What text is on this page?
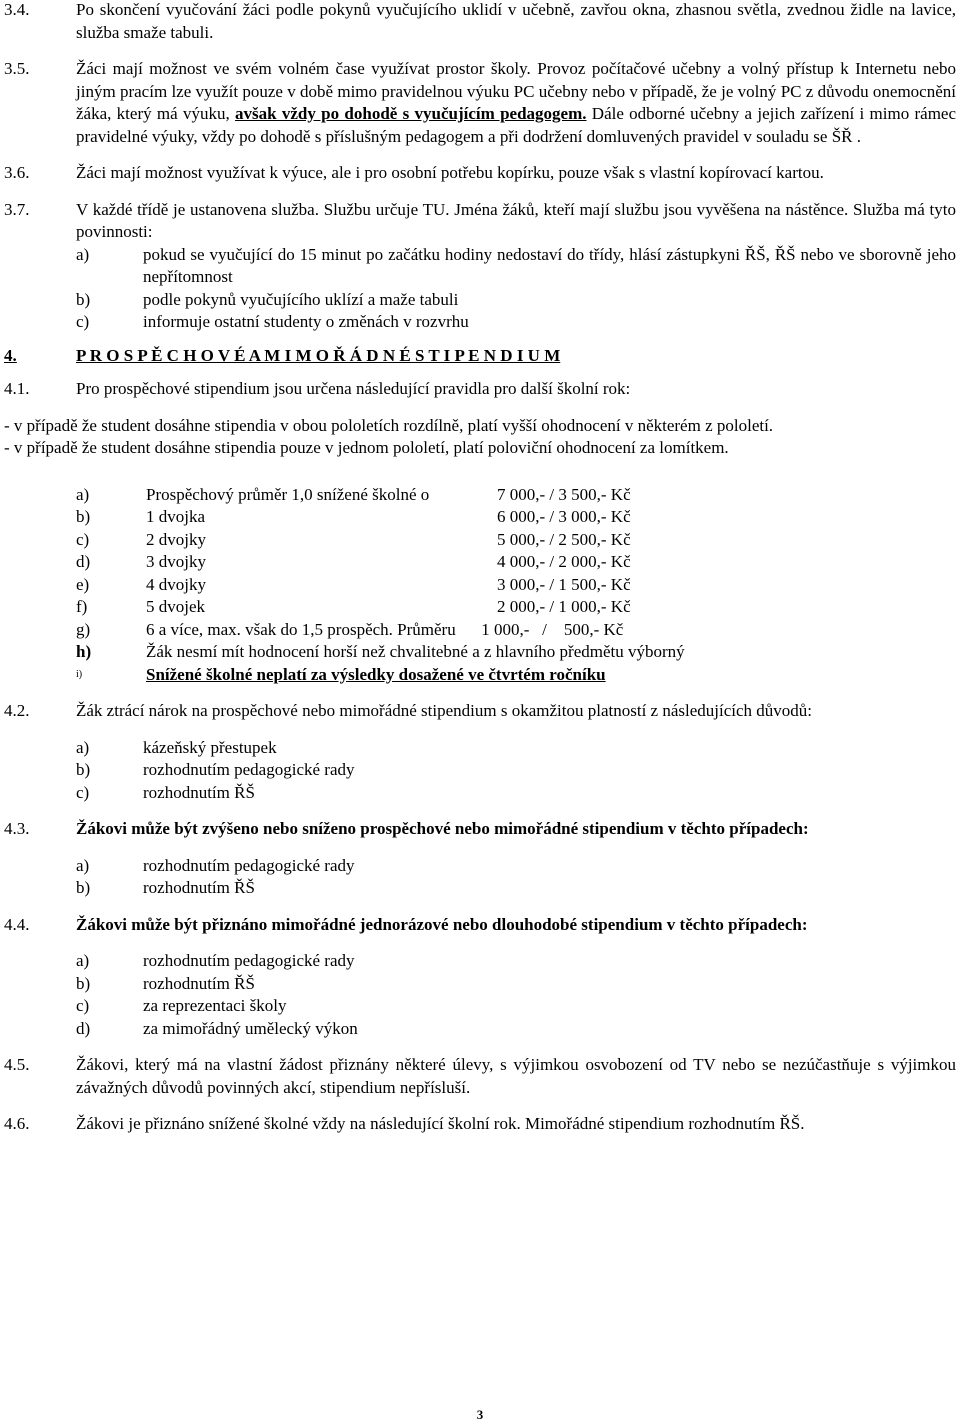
3.4.	Po skončení vyučování žáci podle pokynů vyučujícího uklidí v učebně, zavřou okna, zhasnou světla, zvednou židle na lavice, služba smaže tabuli.
3.5.	Žáci mají možnost ve svém volném čase využívat prostor školy. Provoz počítačové učebny a volný přístup k Internetu nebo jiným pracím lze využít pouze v době mimo pravidelnou výuku PC učebny nebo v případě, že je volný PC z důvodu onemocnění žáka, který má výuku, avšak vždy po dohodě s vyučujícím pedagogem. Dále odborné učebny a jejich zařízení i mimo rámec pravidelné výuky, vždy po dohodě s příslušným pedagogem a při dodržení domluvených pravidel v souladu se ŠŘ .
3.6.	Žáci mají možnost využívat k výuce, ale i pro osobní potřebu kopírku, pouze však s vlastní kopírovací kartou.
3.7.	V každé třídě je ustanovena služba. Službu určuje TU. Jména žáků, kteří mají službu jsou vyvěšena na nástěnce. Služba má tyto povinnosti:
a)	pokud se vyučující do 15 minut po začátku hodiny nedostaví do třídy, hlásí zástupkyni ŘŠ, ŘŠ nebo ve sborovně jeho nepřítomnost
b)	podle pokynů vyučujícího uklízí a maže tabuli
c)	informuje ostatní studenty o změnách v rozvrhu
4.	P R O S P Ě C H O V É A M I M O Ř Á D N É S T I P E N D I U M
4.1.	Pro prospěchové stipendium jsou určena následující pravidla pro další školní rok:
- v případě že student dosáhne stipendia v obou pololetích rozdílně, platí vyšší ohodnocení v některém z pololetí.
- v případě že student dosáhne stipendia pouze v jednom pololetí, platí poloviční ohodnocení za lomítkem.
a)	Prospěchový průměr 1,0 snížené školné o	7 000,- / 3 500,- Kč
b)	1 dvojka	6 000,- / 3 000,- Kč
c)	2 dvojky	5 000,- / 2 500,- Kč
d)	3 dvojky	4 000,- / 2 000,- Kč
e)	4 dvojky	3 000,- / 1 500,- Kč
f)	5 dvojek	2 000,- / 1 000,- Kč
g)	6 a více, max. však do 1,5 prospěch. Průměru      1 000,-   /    500,- Kč
h)	Žák nesmí mít hodnocení horší než chvalitebné a z hlavního předmětu výborný
i)	Snížené školné neplatí za výsledky dosažené ve čtvrtém ročníku
4.2.	Žák ztrácí nárok na prospěchové nebo mimořádné stipendium s okamžitou platností z následujících důvodů:
a)	kázeňský přestupek
b)	rozhodnutím pedagogické rady
c)	rozhodnutím ŘŠ
4.3.	Žákovi může být zvýšeno nebo sníženo prospěchové nebo mimořádné stipendium v těchto případech:
a)	rozhodnutím pedagogické rady
b)	rozhodnutím ŘŠ
4.4.	Žákovi může být přiznáno mimořádné jednorázové nebo dlouhodobé stipendium v těchto případech:
a)	rozhodnutím pedagogické rady
b)	rozhodnutím ŘŠ
c)	za reprezentaci školy
d)	za mimořádný umělecký výkon
4.5.	Žákovi, který má na vlastní žádost přiznány některé úlevy, s výjimkou osvobození od TV nebo se nezúčastňuje s výjimkou závažných důvodů povinných akcí, stipendium nepřísluší.
4.6.	Žákovi je přiznáno snížené školné vždy na následující školní rok. Mimořádné stipendium rozhodnutím ŘŠ.
3
